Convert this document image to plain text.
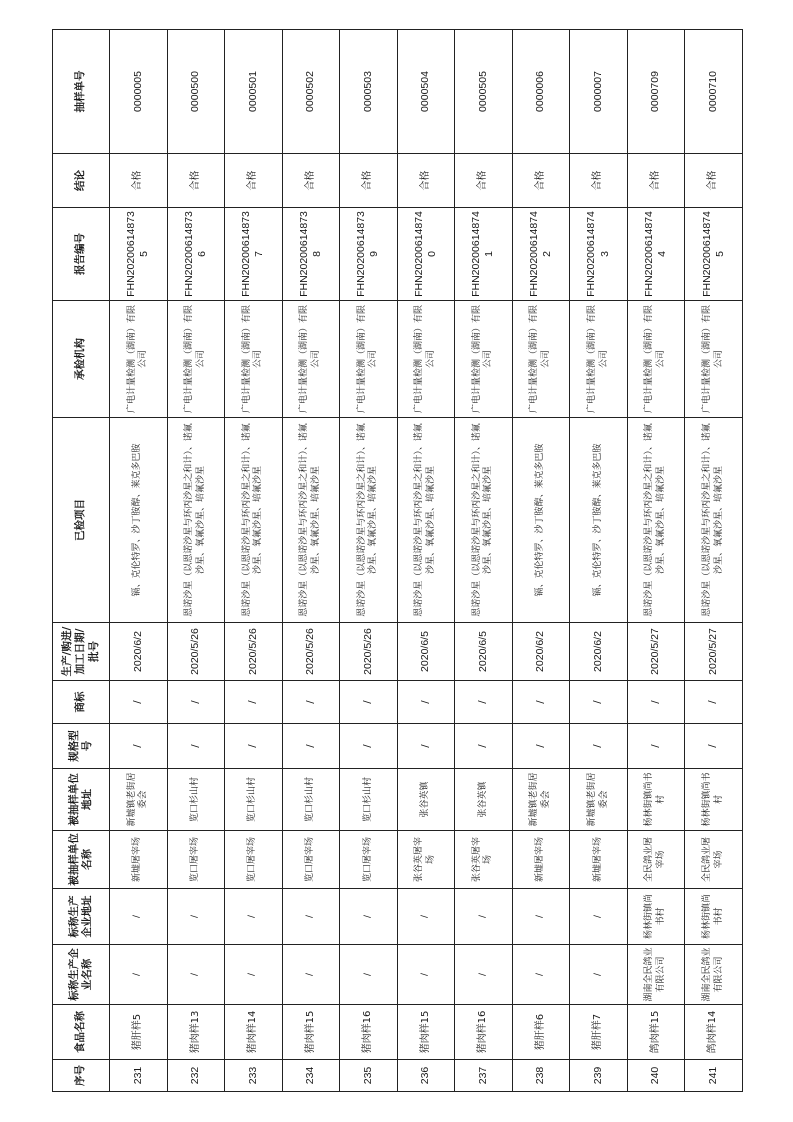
序号	食品名称	标称生产企业名称	标称生产企业地址	被抽样单位名称	被抽样单位地址	规格型号	商标	生产/购进/加工日期/批号	已检项目	承检机构	报告编号	结论	抽样单号
231	猪肝样5	/	/	新墟屠宰场	新墟镇老街居委会	/	/	2020/6/2	镉、克伦特罗、沙丁胺醇、莱克多巴胺	广电计量检测（湖南）有限公司	FHN202006148735	合格	0000005
232	猪肉样13	/	/	览口屠宰场	览口杉山村	/	/	2020/5/26	恩诺沙星（以恩诺沙星与环丙沙星之和计）、诺氟沙星、氧氟沙星、培氟沙星	广电计量检测（湖南）有限公司	FHN202006148736	合格	0000500
233	猪肉样14	/	/	览口屠宰场	览口杉山村	/	/	2020/5/26	恩诺沙星（以恩诺沙星与环丙沙星之和计）、诺氟沙星、氧氟沙星、培氟沙星	广电计量检测（湖南）有限公司	FHN202006148737	合格	0000501
234	猪肉样15	/	/	览口屠宰场	览口杉山村	/	/	2020/5/26	恩诺沙星（以恩诺沙星与环丙沙星之和计）、诺氟沙星、氧氟沙星、培氟沙星	广电计量检测（湖南）有限公司	FHN202006148738	合格	0000502
235	猪肉样16	/	/	览口屠宰场	览口杉山村	/	/	2020/5/26	恩诺沙星（以恩诺沙星与环丙沙星之和计）、诺氟沙星、氧氟沙星、培氟沙星	广电计量检测（湖南）有限公司	FHN202006148739	合格	0000503
236	猪肉样15	/	/	张谷英屠宰场	张谷英镇	/	/	2020/6/5	恩诺沙星（以恩诺沙星与环丙沙星之和计）、诺氟沙星、氧氟沙星、培氟沙星	广电计量检测（湖南）有限公司	FHN202006148740	合格	0000504
237	猪肉样16	/	/	张谷英屠宰场	张谷英镇	/	/	2020/6/5	恩诺沙星（以恩诺沙星与环丙沙星之和计）、诺氟沙星、氧氟沙星、培氟沙星	广电计量检测（湖南）有限公司	FHN202006148741	合格	0000505
238	猪肝样6	/	/	新墟屠宰场	新墟镇老街居委会	/	/	2020/6/2	镉、克伦特罗、沙丁胺醇、莱克多巴胺	广电计量检测（湖南）有限公司	FHN202006148742	合格	0000006
239	猪肝样7	/	/	新墟屠宰场	新墟镇老街居委会	/	/	2020/6/2	镉、克伦特罗、沙丁胺醇、莱克多巴胺	广电计量检测（湖南）有限公司	FHN202006148743	合格	0000007
240	鸽肉样15	湖南全民鸽业有限公司	杨林街镇尚书村	全民鸽业屠宰场	杨林街镇尚书村	/	/	2020/5/27	恩诺沙星（以恩诺沙星与环丙沙星之和计）、诺氟沙星、氧氟沙星、培氟沙星	广电计量检测（湖南）有限公司	FHN202006148744	合格	0000709
241	鸽肉样14	湖南全民鸽业有限公司	杨林街镇尚书村	全民鸽业屠宰场	杨林街镇尚书村	/	/	2020/5/27	恩诺沙星（以恩诺沙星与环丙沙星之和计）、诺氟沙星、氧氟沙星、培氟沙星	广电计量检测（湖南）有限公司	FHN202006148745	合格	0000710
